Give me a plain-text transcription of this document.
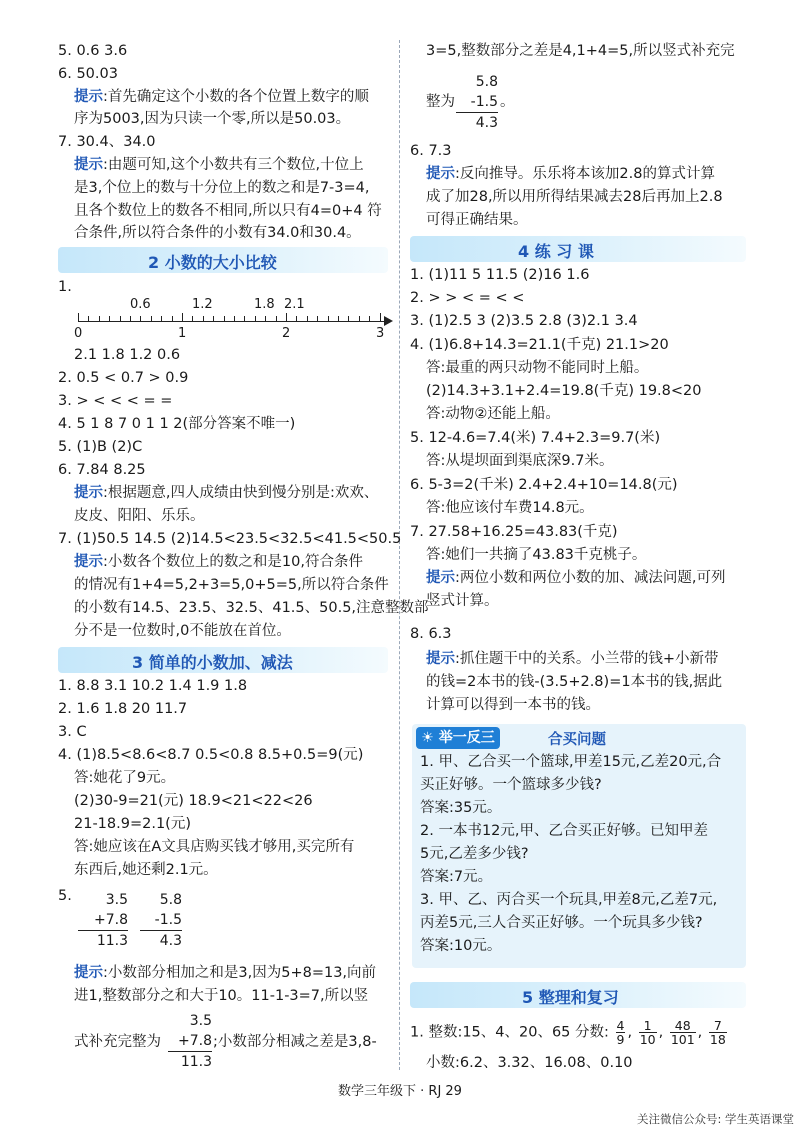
5. 0.6 3.6
6. 50.03
提示:首先确定这个小数的各个位置上数字的顺
序为5003,因为只读一个零,所以是50.03。
7. 30.4、34.0
提示:由题可知,这个小数共有三个数位,十位上
是3,个位上的数与十分位上的数之和是7-3=4,
且各个数位上的数各不相同,所以只有4=0+4 符
合条件,所以符合条件的小数有34.0和30.4。
2 小数的大小比较
1.
0.6	1.2	1.8 2.1
0	1	2	3
2.1 1.8 1.2 0.6
2. 0.5 < 0.7 > 0.9
3. > < < < = =
4. 5 1 8 7 0 1 1 2(部分答案不唯一)
5. (1)B (2)C
6. 7.84 8.25
提示:根据题意,四人成绩由快到慢分别是:欢欢、
皮皮、阳阳、乐乐。
7. (1)50.5 14.5 (2)14.5<23.5<32.5<41.5<50.5
提示:小数各个数位上的数之和是10,符合条件
的情况有1+4=5,2+3=5,0+5=5,所以符合条件
的小数有14.5、23.5、32.5、41.5、50.5,注意整数部
分不是一位数时,0不能放在首位。
3 简单的小数加、减法
1. 8.8 3.1 10.2 1.4 1.9 1.8
2. 1.6 1.8 20 11.7
3. C
4. (1)8.5<8.6<8.7 0.5<0.8 8.5+0.5=9(元)
答:她花了9元。
(2)30-9=21(元) 18.9<21<22<26
21-18.9=2.1(元)
答:她应该在A文具店购买钱才够用,买完所有
东西后,她还剩2.1元。
5.	3.5
+7.8
11.3
5.8
-1.5
4.3
提示:小数部分相加之和是3,因为5+8=13,向前
进1,整数部分之和大于10。11-1-3=7,所以竖
式补充完整为
3.5
+7.8
11.3
;小数部分相减之差是3,8-
3=5,整数部分之差是4,1+4=5,所以竖式补充完
整为
5.8
-1.5
4.3
。
6. 7.3
提示:反向推导。乐乐将本该加2.8的算式计算
成了加28,所以用所得结果减去28后再加上2.8
可得正确结果。
4 练 习 课
1. (1)11 5 11.5 (2)16 1.6
2. > > < = < <
3. (1)2.5 3 (2)3.5 2.8 (3)2.1 3.4
4. (1)6.8+14.3=21.1(千克) 21.1>20
答:最重的两只动物不能同时上船。
(2)14.3+3.1+2.4=19.8(千克) 19.8<20
答:动物②还能上船。
5. 12-4.6=7.4(米) 7.4+2.3=9.7(米)
答:从堤坝面到渠底深9.7米。
6. 5-3=2(千米) 2.4+2.4+10=14.8(元)
答:他应该付车费14.8元。
7. 27.58+16.25=43.83(千克)
答:她们一共摘了43.83千克桃子。
提示:两位小数和两位小数的加、减法问题,可列
竖式计算。
8. 6.3
提示:抓住题干中的关系。小兰带的钱+小新带
的钱=2本书的钱-(3.5+2.8)=1本书的钱,据此
计算可以得到一本书的钱。
☀ 举一反三	合买问题
1. 甲、乙合买一个篮球,甲差15元,乙差20元,合
买正好够。一个篮球多少钱?
答案:35元。
2. 一本书12元,甲、乙合买正好够。已知甲差
5元,乙差多少钱?
答案:7元。
3. 甲、乙、丙合买一个玩具,甲差8元,乙差7元,
丙差5元,三人合买正好够。一个玩具多少钱?
答案:10元。
5 整理和复习
1. 整数:15、4、20、65 分数: $\frac{4}{9}$ , $\frac{1}{10}$ , $\frac{48}{101}$ , $\frac{7}{18}$
小数:6.2、3.32、16.08、0.10
数学三年级下 · RJ 29
关注微信公众号: 学生英语课堂
